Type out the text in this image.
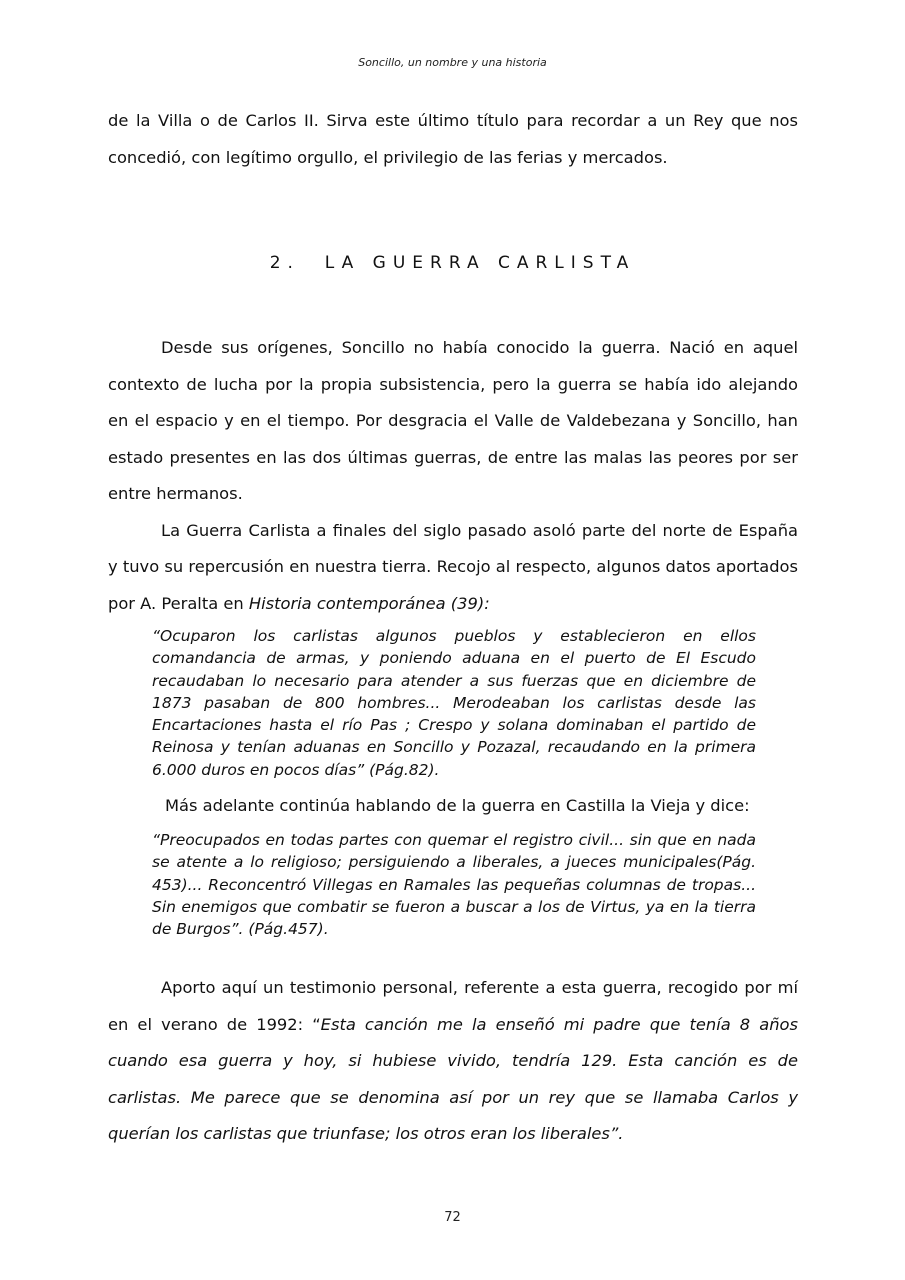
Soncillo, un nombre y una historia

de la Villa o de Carlos II. Sirva este último título para recordar a un Rey que nos concedió, con legítimo orgullo, el privilegio de las ferias y mercados.

2. LA GUERRA CARLISTA

Desde sus orígenes, Soncillo no había conocido la guerra. Nació en aquel contexto de lucha por la propia subsistencia, pero la guerra se había ido alejando en el espacio y en el tiempo. Por desgracia el Valle de Valdebezana y Soncillo, han estado presentes en las dos últimas guerras, de entre las malas las peores por ser entre hermanos.

La Guerra Carlista a finales del siglo pasado asoló parte del norte de España y tuvo su repercusión en nuestra tierra. Recojo al respecto, algunos datos aportados por A. Peralta en Historia contemporánea (39):

“Ocuparon los carlistas algunos pueblos y establecieron en ellos comandancia de armas, y poniendo aduana en el puerto de El Escudo recaudaban lo necesario para atender a sus fuerzas que en diciembre de 1873 pasaban de 800 hombres... Merodeaban los carlistas desde las Encartaciones hasta el río Pas ; Crespo y solana dominaban el partido de Reinosa y tenían aduanas en Soncillo y Pozazal, recaudando en la primera 6.000 duros en pocos días” (Pág.82).
Más adelante continúa hablando de la guerra en Castilla la Vieja y dice:
“Preocupados en todas partes con quemar el registro civil... sin que en nada se atente a lo religioso; persiguiendo a liberales, a jueces municipales(Pág. 453)... Reconcentró Villegas en Ramales las pequeñas columnas de tropas... Sin enemigos que combatir se fueron a buscar a los de Virtus, ya en la tierra de Burgos”. (Pág.457).

Aporto aquí un testimonio personal, referente a esta guerra, recogido por mí en el verano de 1992: “Esta canción me la enseñó mi padre que tenía 8 años cuando esa guerra y hoy, si hubiese vivido, tendría 129. Esta canción es de carlistas. Me parece que se denomina así por un rey que se llamaba Carlos y querían los carlistas que triunfase; los otros eran los liberales”.

72
